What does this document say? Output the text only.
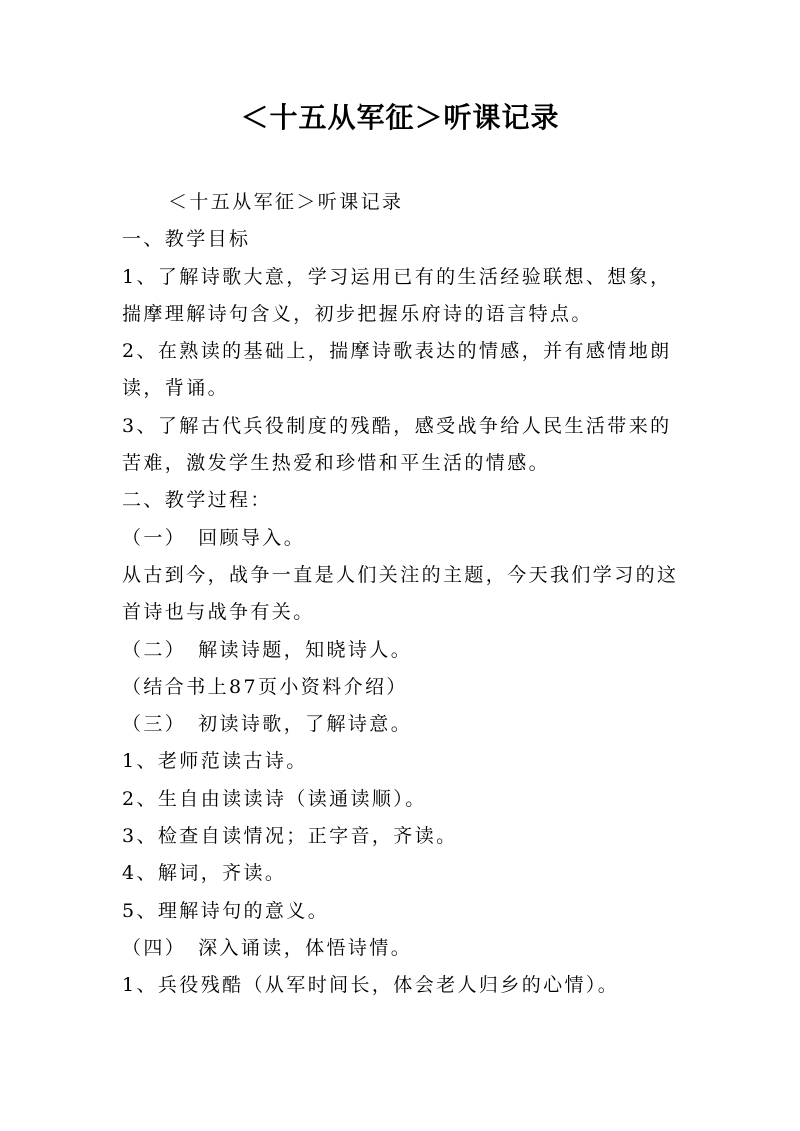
＜十五从军征＞听课记录

＜十五从军征＞听课记录

一、教学目标

1、了解诗歌大意，学习运用已有的生活经验联想、想象，

揣摩理解诗句含义，初步把握乐府诗的语言特点。

2、在熟读的基础上，揣摩诗歌表达的情感，并有感情地朗

读，背诵。

3、了解古代兵役制度的残酷，感受战争给人民生活带来的

苦难，激发学生热爱和珍惜和平生活的情感。

二、教学过程：

（一）　回顾导入。

从古到今，战争一直是人们关注的主题，今天我们学习的这

首诗也与战争有关。

（二）　解读诗题，知晓诗人。

（结合书上87页小资料介绍）

（三）　初读诗歌，了解诗意。

1、老师范读古诗。

2、生自由读读诗（读通读顺）。

3、检查自读情况；正字音，齐读。

4、解词，齐读。

5、理解诗句的意义。

（四）　深入诵读，体悟诗情。

1、兵役残酷（从军时间长，体会老人归乡的心情）。
